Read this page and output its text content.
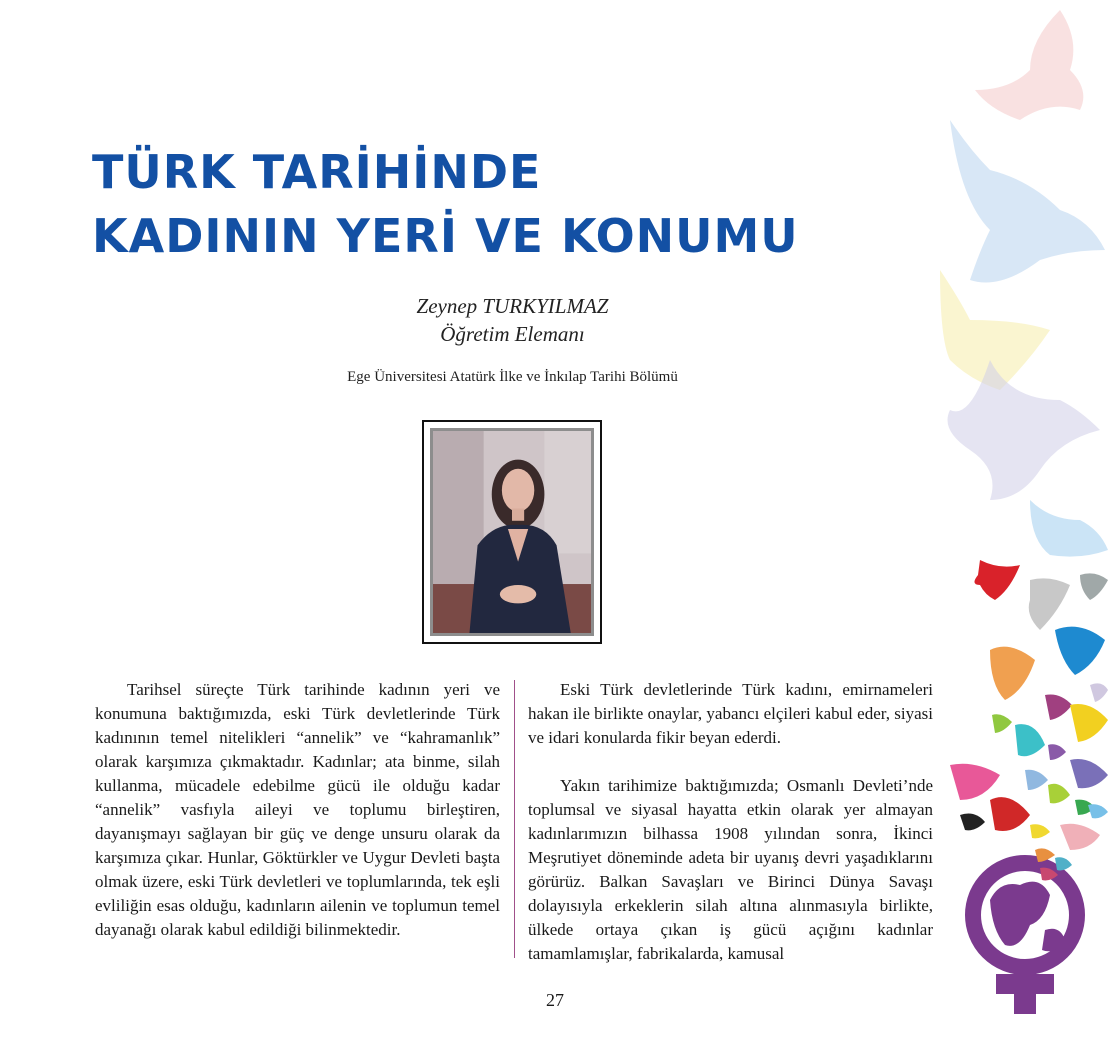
TÜRK TARİHİNDE
KADININ YERİ VE KONUMU
Zeynep TURKYILMAZ
Öğretim Elemanı
Ege Üniversitesi Atatürk İlke ve İnkılap Tarihi Bölümü

Tarihsel süreçte Türk tarihinde kadının yeri ve konumuna baktığımızda, eski Türk devletlerinde Türk kadınının temel nitelikleri “annelik” ve “kahramanlık” olarak karşımıza çıkmaktadır. Kadınlar; ata binme, silah kullanma, mücadele edebilme gücü ile olduğu kadar “annelik” vasfıyla aileyi ve toplumu birleştiren, dayanışmayı sağlayan bir güç ve denge unsuru olarak da karşımıza çıkar. Hunlar, Göktürkler ve Uygur Devleti başta olmak üzere, eski Türk devletleri ve toplumlarında, tek eşli evliliğin esas olduğu, kadınların ailenin ve toplumun temel dayanağı olarak kabul edildiği bilinmektedir.

Eski Türk devletlerinde Türk kadını, emirnameleri hakan ile birlikte onaylar, yabancı elçileri kabul eder, siyasi ve idari konularda fikir beyan ederdi.

Yakın tarihimize baktığımızda; Osmanlı Devleti’nde toplumsal ve siyasal hayatta etkin olarak yer almayan kadınlarımızın bilhassa 1908 yılından sonra, İkinci Meşrutiyet döneminde adeta bir uyanış devri yaşadıklarını görürüz. Balkan Savaşları ve Birinci Dünya Savaşı dolayısıyla erkeklerin silah altına alınmasıyla birlikte, ülkede ortaya çıkan iş gücü açığını kadınlar tamamlamışlar, fabrikalarda, kamusal

27
